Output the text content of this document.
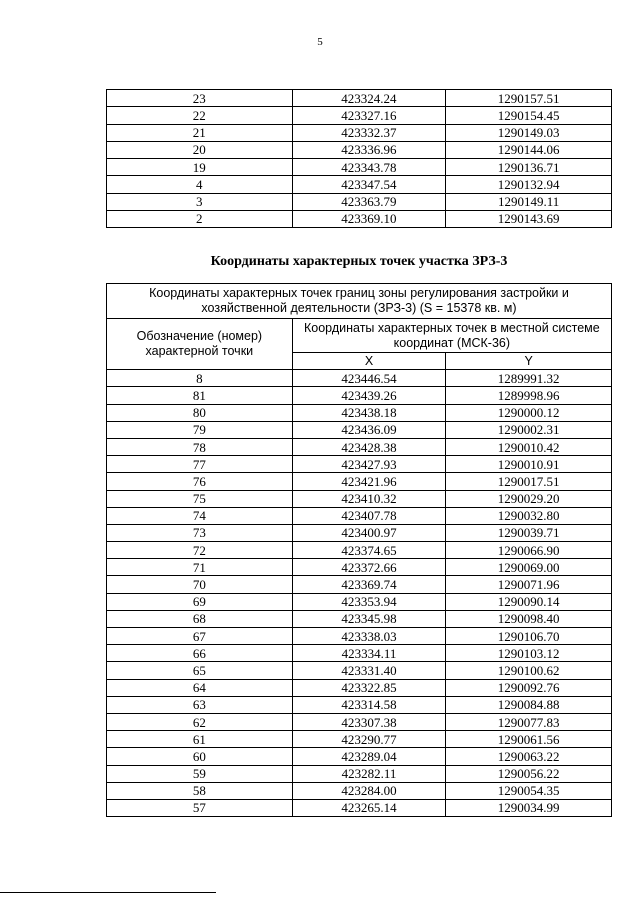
5
23	423324.24	1290157.51
22	423327.16	1290154.45
21	423332.37	1290149.03
20	423336.96	1290144.06
19	423343.78	1290136.71
4	423347.54	1290132.94
3	423363.79	1290149.11
2	423369.10	1290143.69
Координаты характерных точек участка ЗРЗ-3
Координаты характерных точек границ зоны регулирования застройки и хозяйственной деятельности (ЗРЗ-3) (S = 15378 кв. м)		
Обозначение (номер) характерной точки	Координаты характерных точек в местной системе координат (МСК-36)	
	X	Y
8	423446.54	1289991.32
81	423439.26	1289998.96
80	423438.18	1290000.12
79	423436.09	1290002.31
78	423428.38	1290010.42
77	423427.93	1290010.91
76	423421.96	1290017.51
75	423410.32	1290029.20
74	423407.78	1290032.80
73	423400.97	1290039.71
72	423374.65	1290066.90
71	423372.66	1290069.00
70	423369.74	1290071.96
69	423353.94	1290090.14
68	423345.98	1290098.40
67	423338.03	1290106.70
66	423334.11	1290103.12
65	423331.40	1290100.62
64	423322.85	1290092.76
63	423314.58	1290084.88
62	423307.38	1290077.83
61	423290.77	1290061.56
60	423289.04	1290063.22
59	423282.11	1290056.22
58	423284.00	1290054.35
57	423265.14	1290034.99
